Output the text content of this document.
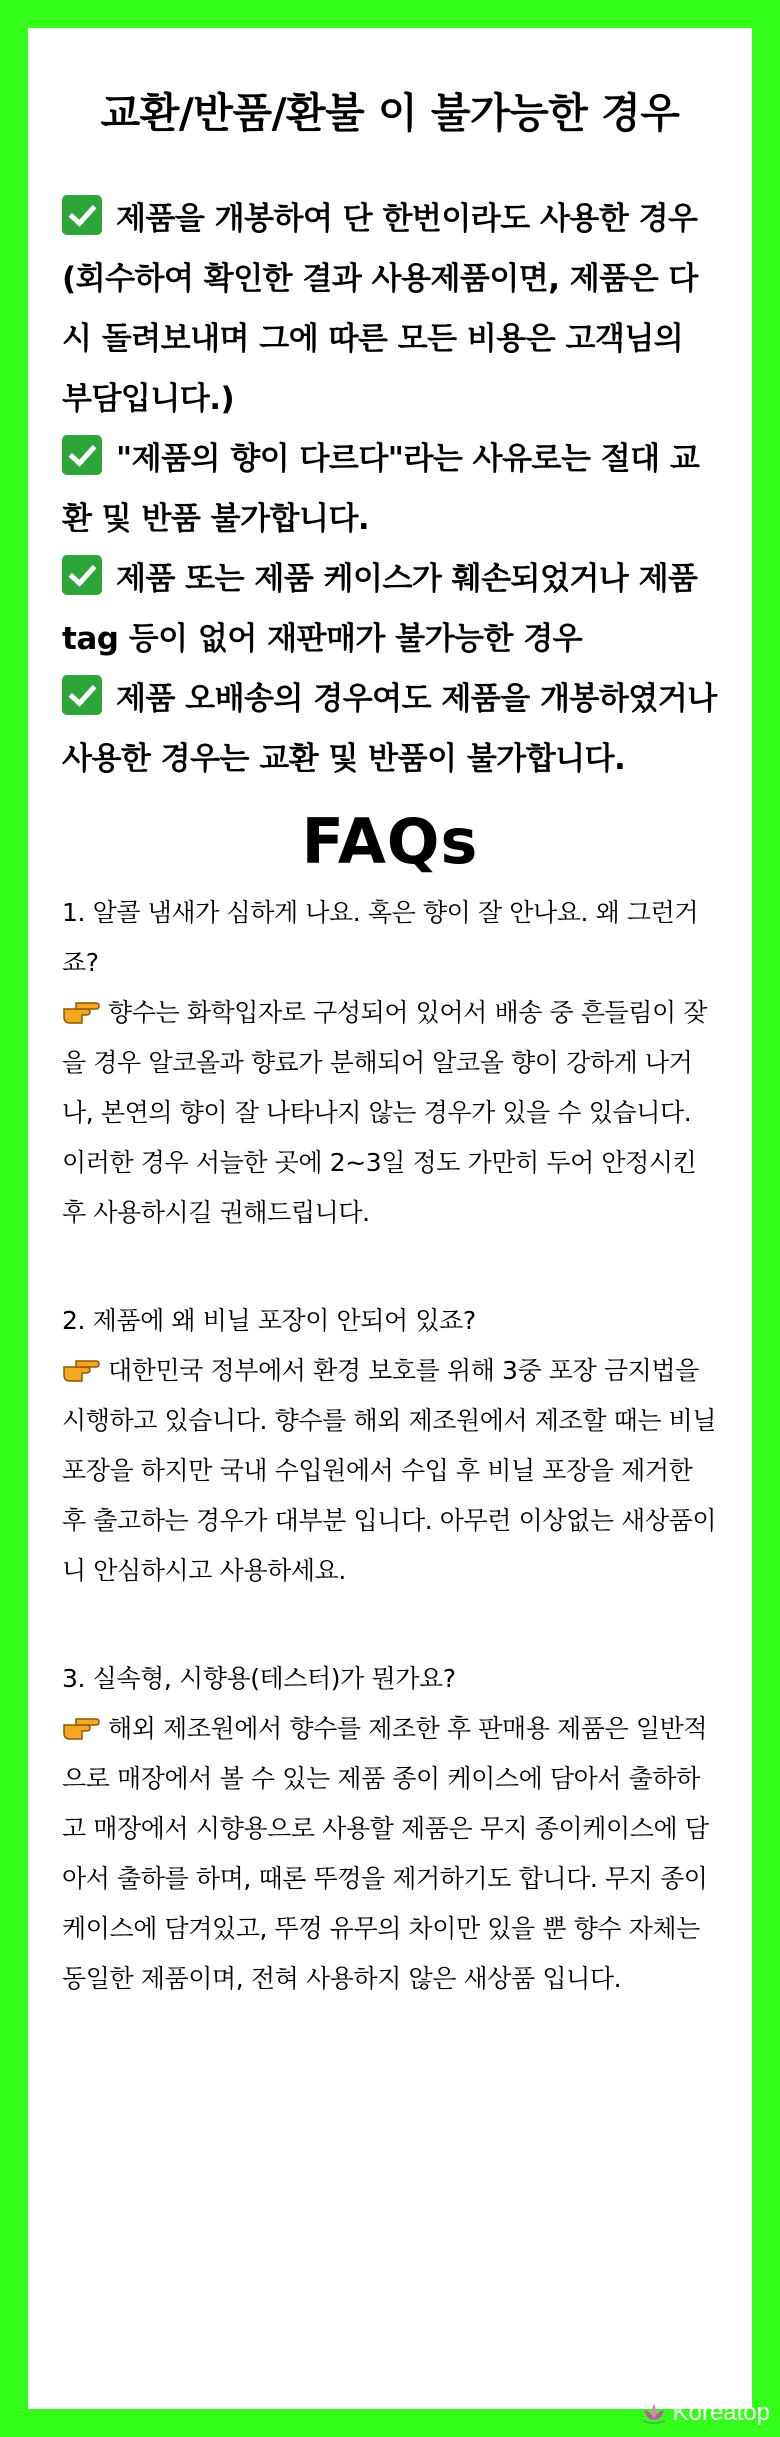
교환/반품/환불 이 불가능한 경우
제품을 개봉하여 단 한번이라도 사용한 경우 (회수하여 확인한 결과 사용제품이면, 제품은 다시 돌려보내며 그에 따른 모든 비용은 고객님의 부담입니다.)
"제품의 향이 다르다"라는 사유로는 절대 교환 및 반품 불가합니다.
제품 또는 제품 케이스가 훼손되었거나 제품 tag 등이 없어 재판매가 불가능한 경우
제품 오배송의 경우여도 제품을 개봉하였거나 사용한 경우는 교환 및 반품이 불가합니다.
FAQs
1. 알콜 냄새가 심하게 나요. 혹은 향이 잘 안나요. 왜 그런거죠?
향수는 화학입자로 구성되어 있어서 배송 중 흔들림이 잦을 경우 알코올과 향료가 분해되어 알코올 향이 강하게 나거나, 본연의 향이 잘 나타나지 않는 경우가 있을 수 있습니다. 이러한 경우 서늘한 곳에 2~3일 정도 가만히 두어 안정시킨 후 사용하시길 권해드립니다.
2. 제품에 왜 비닐 포장이 안되어 있죠?
대한민국 정부에서 환경 보호를 위해 3중 포장 금지법을 시행하고 있습니다. 향수를 해외 제조원에서 제조할 때는 비닐 포장을 하지만 국내 수입원에서 수입 후 비닐 포장을 제거한 후 출고하는 경우가 대부분 입니다. 아무런 이상없는 새상품이니 안심하시고 사용하세요.
3. 실속형, 시향용(테스터)가 뭔가요?
해외 제조원에서 향수를 제조한 후 판매용 제품은 일반적으로 매장에서 볼 수 있는 제품 종이 케이스에 담아서 출하하고 매장에서 시향용으로 사용할 제품은 무지 종이케이스에 담아서 출하를 하며, 때론 뚜껑을 제거하기도 합니다. 무지 종이케이스에 담겨있고, 뚜껑 유무의 차이만 있을 뿐 향수 자체는 동일한 제품이며, 전혀 사용하지 않은 새상품 입니다.
Koreatop
